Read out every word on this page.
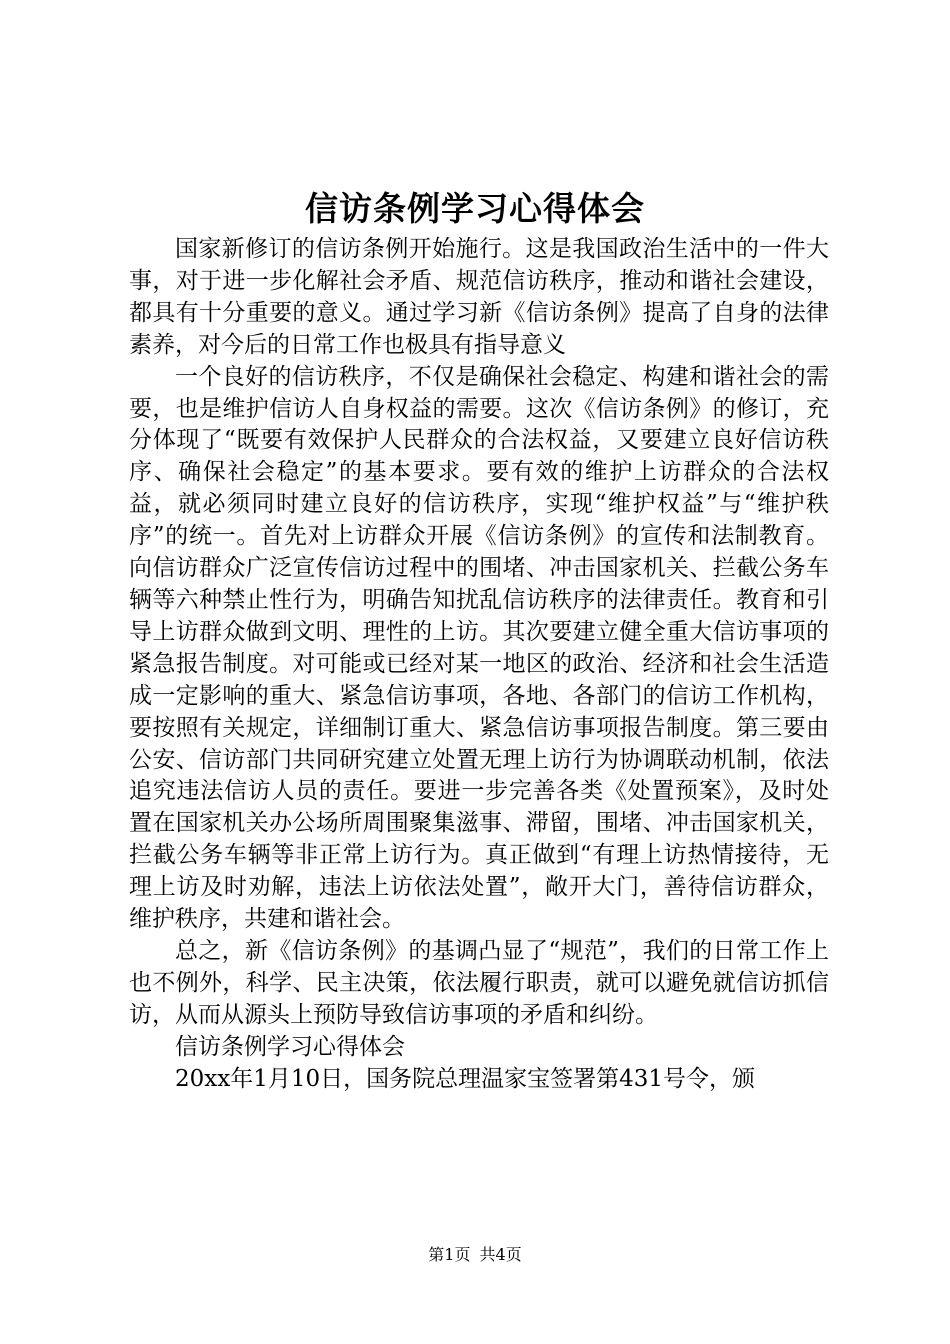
信访条例学习心得体会

国家新修订的信访条例开始施行。这是我国政治生活中的一件大事，对于进一步化解社会矛盾、规范信访秩序，推动和谐社会建设，都具有十分重要的意义。通过学习新《信访条例》提高了自身的法律素养，对今后的日常工作也极具有指导意义

一个良好的信访秩序，不仅是确保社会稳定、构建和谐社会的需要，也是维护信访人自身权益的需要。这次《信访条例》的修订，充分体现了“既要有效保护人民群众的合法权益，又要建立良好信访秩序、确保社会稳定”的基本要求。要有效的维护上访群众的合法权益，就必须同时建立良好的信访秩序，实现“维护权益”与“维护秩序”的统一。首先对上访群众开展《信访条例》的宣传和法制教育。向信访群众广泛宣传信访过程中的围堵、冲击国家机关、拦截公务车辆等六种禁止性行为，明确告知扰乱信访秩序的法律责任。教育和引导上访群众做到文明、理性的上访。其次要建立健全重大信访事项的紧急报告制度。对可能或已经对某一地区的政治、经济和社会生活造成一定影响的重大、紧急信访事项，各地、各部门的信访工作机构，要按照有关规定，详细制订重大、紧急信访事项报告制度。第三要由公安、信访部门共同研究建立处置无理上访行为协调联动机制，依法追究违法信访人员的责任。要进一步完善各类《处置预案》，及时处置在国家机关办公场所周围聚集滋事、滞留，围堵、冲击国家机关，拦截公务车辆等非正常上访行为。真正做到“有理上访热情接待，无理上访及时劝解，违法上访依法处置”，敞开大门，善待信访群众，维护秩序，共建和谐社会。

总之，新《信访条例》的基调凸显了“规范”，我们的日常工作上也不例外，科学、民主决策，依法履行职责，就可以避免就信访抓信访，从而从源头上预防导致信访事项的矛盾和纠纷。

信访条例学习心得体会

20xx年1月10日，国务院总理温家宝签署第431号令，颁

第1页 共4页
